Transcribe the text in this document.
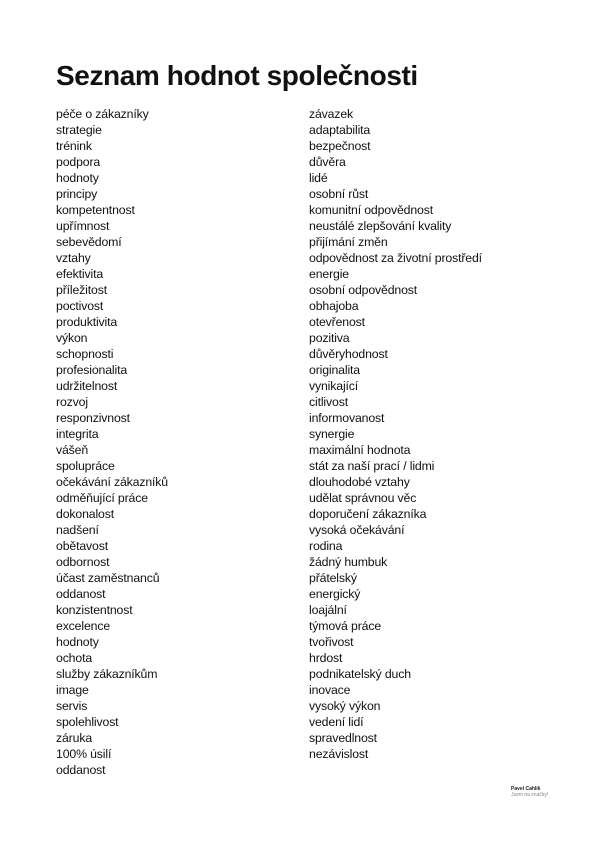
Seznam hodnot společnosti
péče o zákazníky
strategie
trénink
podpora
hodnoty
principy
kompetentnost
upřímnost
sebevědomí
vztahy
efektivita
příležitost
poctivost
produktivita
výkon
schopnosti
profesionalita
udržitelnost
rozvoj
responzivnost
integrita
vášeň
spolupráce
očekávání zákazníků
odměňující práce
dokonalost
nadšení
obětavost
odbornost
účast zaměstnanců
oddanost
konzistentnost
excelence
hodnoty
ochota
služby zákazníkům
image
servis
spolehlivost
záruka
100% úsilí
oddanost
závazek
adaptabilita
bezpečnost
důvěra
lidé
osobní růst
komunitní odpovědnost
neustálé zlepšování kvality
přijímání změn
odpovědnost za životní prostředí
energie
osobní odpovědnost
obhajoba
otevřenost
pozitiva
důvěryhodnost
originalita
vynikající
citlivost
informovanost
synergie
maximální hodnota
stát za naší prací / lidmi
dlouhodobé vztahy
udělat správnou věc
doporučení zákazníka
vysoká očekávání
rodina
žádný humbuk
přátelský
energický
loajální
týmová práce
tvořivost
hrdost
podnikatelský duch
inovace
vysoký výkon
vedení lidí
spravedlnost
nezávislost
Pavel Cahlík
Jsem na značky!
